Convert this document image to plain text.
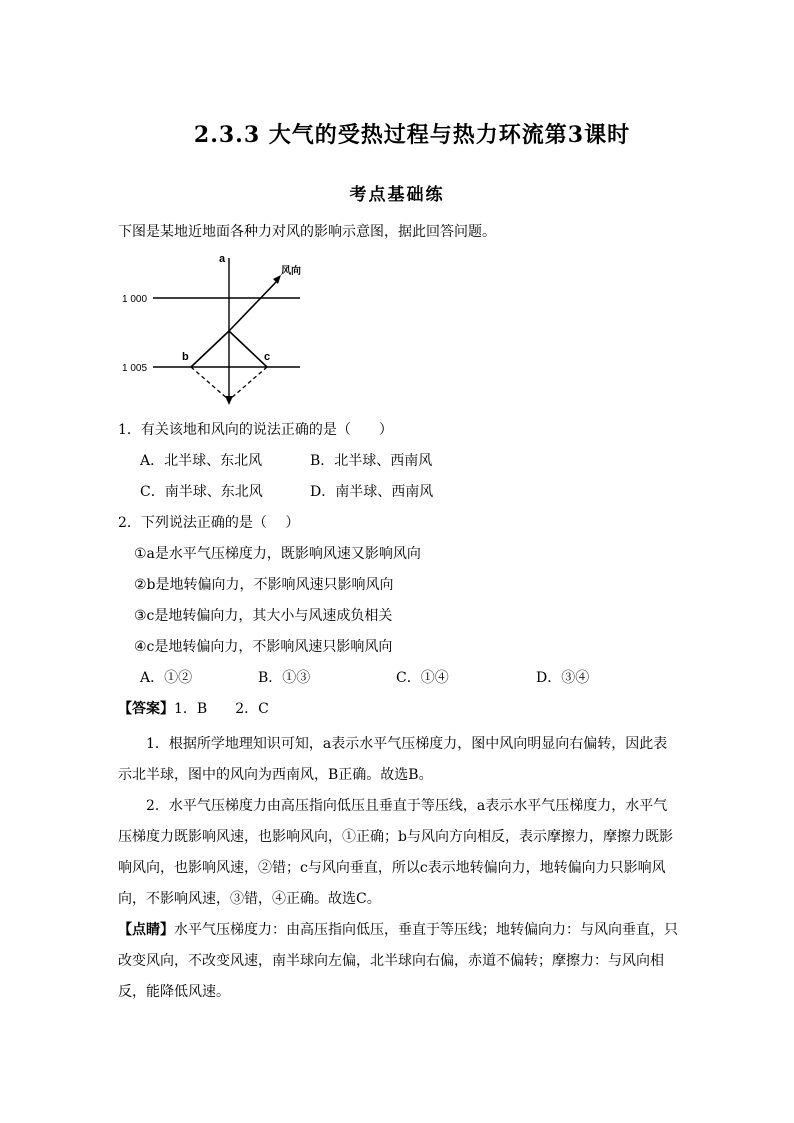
2.3.3 大气的受热过程与热力环流第3课时
考点基础练
下图是某地近地面各种力对风的影响示意图，据此回答问题。
a
b	c
风向
1 000
1 005
1．有关该地和风向的说法正确的是（　　）
A．北半球、东北风	B．北半球、西南风
C．南半球、东北风	D．南半球、西南风
2．下列说法正确的是（　 ）
①a是水平气压梯度力，既影响风速又影响风向
②b是地转偏向力，不影响风速只影响风向
③c是地转偏向力，其大小与风速成负相关
④c是地转偏向力，不影响风速只影响风向
A．①②	B．①③	C．①④	D．③④
【答案】1．B　　2．C
1．根据所学地理知识可知，a表示水平气压梯度力，图中风向明显向右偏转，因此表示北半球，图中的风向为西南风，B正确。故选B。
2．水平气压梯度力由高压指向低压且垂直于等压线，a表示水平气压梯度力，水平气压梯度力既影响风速，也影响风向，①正确；b与风向方向相反，表示摩擦力，摩擦力既影响风向，也影响风速，②错；c与风向垂直，所以c表示地转偏向力，地转偏向力只影响风向，不影响风速，③错，④正确。故选C。
【点睛】水平气压梯度力：由高压指向低压，垂直于等压线；地转偏向力：与风向垂直，只改变风向，不改变风速，南半球向左偏，北半球向右偏，赤道不偏转；摩擦力：与风向相反，能降低风速。
